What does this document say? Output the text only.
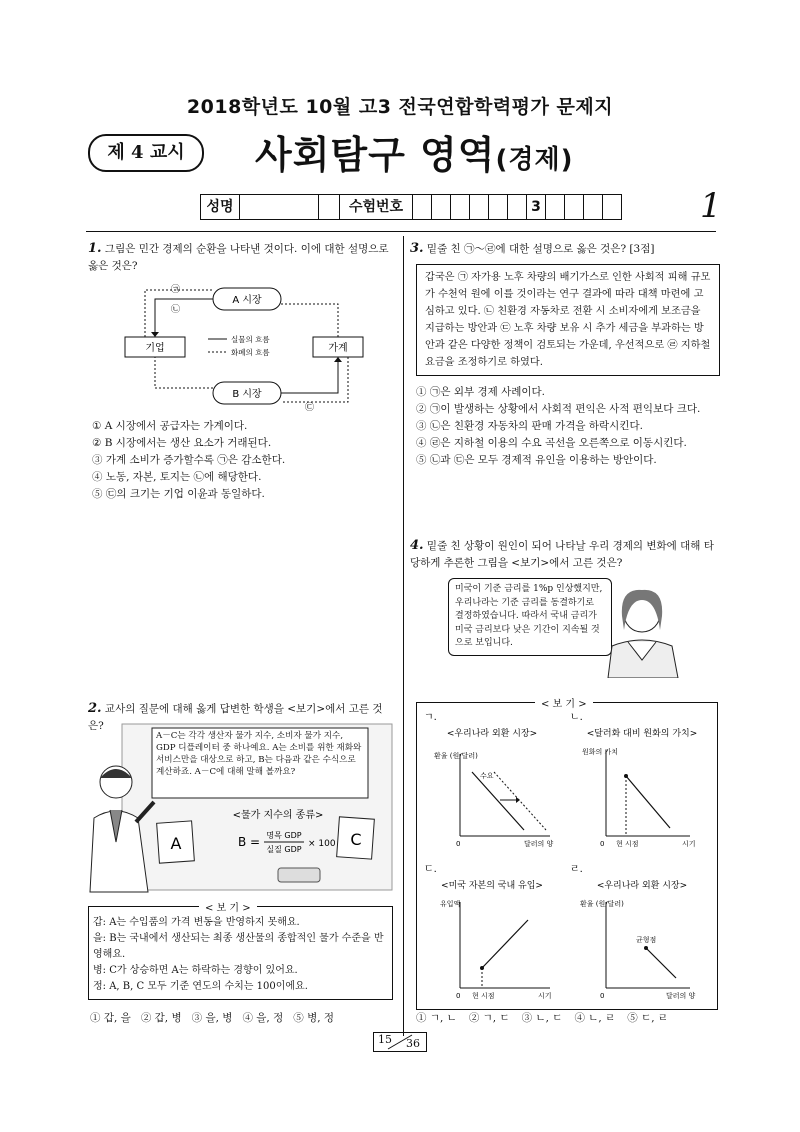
2018학년도 10월 고3 전국연합학력평가 문제지
제 4 교시	사회탐구 영역(경제)
성명	수험번호	3	1
1. 그림은 민간 경제의 순환을 나타낸 것이다. 이에 대한 설명으로 옳은 것은?
A 시장
B 시장
기업	가계
실물의 흐름
화폐의 흐름
㉠
㉡
㉢
① A 시장에서 공급자는 가계이다.
② B 시장에서는 생산 요소가 거래된다.
③ 가계 소비가 증가할수록 ㉠은 감소한다.
④ 노동, 자본, 토지는 ㉡에 해당한다.
⑤ ㉢의 크기는 기업 이윤과 동일하다.
2. 교사의 질문에 대해 옳게 답변한 학생을 <보기>에서 고른 것은?
A	C
<물가 지수의 종류>
B = 명목 GDP
실질 GDP
× 100
A－C는 각각 생산자 물가 지수, 소비자 물가 지수, GDP 디플레이터 중 하나예요. A는 소비를 위한 재화와 서비스만을 대상으로 하고, B는 다음과 같은 수식으로 계산하죠. A－C에 대해 말해 볼까요?
< 보 기 >
갑: A는 수입품의 가격 변동을 반영하지 못해요.
을: B는 국내에서 생산되는 최종 생산물의 종합적인 물가 수준을 반영해요.
병: C가 상승하면 A는 하락하는 경향이 있어요.
정: A, B, C 모두 기준 연도의 수치는 100이에요.
① 갑, 을 ② 갑, 병 ③ 을, 병 ④ 을, 정 ⑤ 병, 정
3. 밑줄 친 ㉠～㉣에 대한 설명으로 옳은 것은? [3점]
갑국은 ㉠ 자가용 노후 차량의 배기가스로 인한 사회적 피해 규모가 수천억 원에 이를 것이라는 연구 결과에 따라 대책 마련에 고심하고 있다. ㉡ 친환경 자동차로 전환 시 소비자에게 보조금을 지급하는 방안과 ㉢ 노후 차량 보유 시 추가 세금을 부과하는 방안과 같은 다양한 정책이 검토되는 가운데, 우선적으로 ㉣ 지하철 요금을 조정하기로 하였다.
① ㉠은 외부 경제 사례이다.
② ㉠이 발생하는 상황에서 사회적 편익은 사적 편익보다 크다.
③ ㉡은 친환경 자동차의 판매 가격을 하락시킨다.
④ ㉣은 지하철 이용의 수요 곡선을 오른쪽으로 이동시킨다.
⑤ ㉡과 ㉢은 모두 경제적 유인을 이용하는 방안이다.
4. 밑줄 친 상황이 원인이 되어 나타날 우리 경제의 변화에 대해 타당하게 추론한 그림을 <보기>에서 고른 것은?
미국이 기준 금리를 1%p 인상했지만, 우리나라는 기준 금리를 동결하기로 결정하였습니다. 따라서 국내 금리가 미국 금리보다 낮은 기간이 지속될 것으로 보입니다.
< 보 기 >
ㄱ.
<우리나라 외환 시장>
환율 (원/달러)
수요
0	달러의 양
ㄴ.
<달러화 대비 원화의 가치>
원화의 가치
0 현 시점	시기
ㄷ.
<미국 자본의 국내 유입>
유입액
0 현 시점	시기
ㄹ.
<우리나라 외환 시장>
환율 (원/달러)
균형점
0	달러의 양
① ㄱ, ㄴ ② ㄱ, ㄷ ③ ㄴ, ㄷ ④ ㄴ, ㄹ ⑤ ㄷ, ㄹ
15 36
